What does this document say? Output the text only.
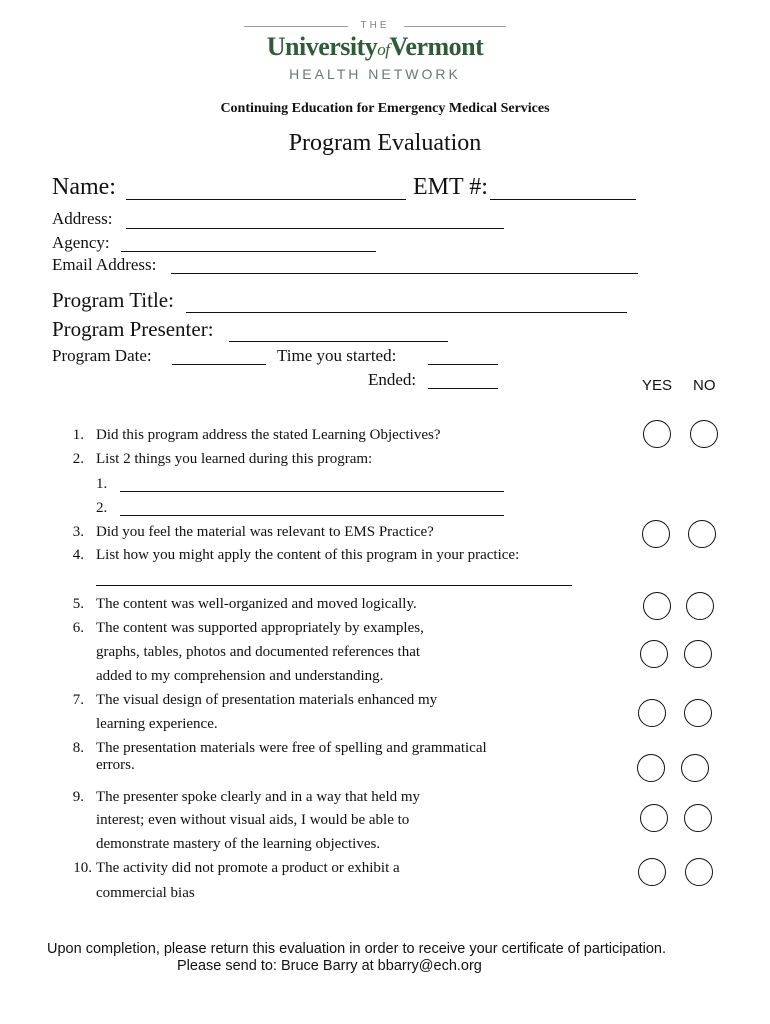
THE
UniversityofVermont
HEALTH NETWORK
Continuing Education for Emergency Medical Services
Program Evaluation
Name:	EMT #:
Address:
Agency:
Email Address:
Program Title:
Program Presenter:
Program Date:	Time you started:
Ended:	YES NO
1. Did this program address the stated Learning Objectives?
2. List 2 things you learned during this program:
1.
2.
3. Did you feel the material was relevant to EMS Practice?
4. List how you might apply the content of this program in your practice:
5. The content was well-organized and moved logically.
6. The content was supported appropriately by examples,
graphs, tables, photos and documented references that
added to my comprehension and understanding.
7. The visual design of presentation materials enhanced my
learning experience.
8. The presentation materials were free of spelling and grammatical
errors.
9. The presenter spoke clearly and in a way that held my
interest; even without visual aids, I would be able to
demonstrate mastery of the learning objectives.
10. The activity did not promote a product or exhibit a
commercial bias
Upon completion, please return this evaluation in order to receive your certificate of participation.
Please send to: Bruce Barry at bbarry@ech.org
